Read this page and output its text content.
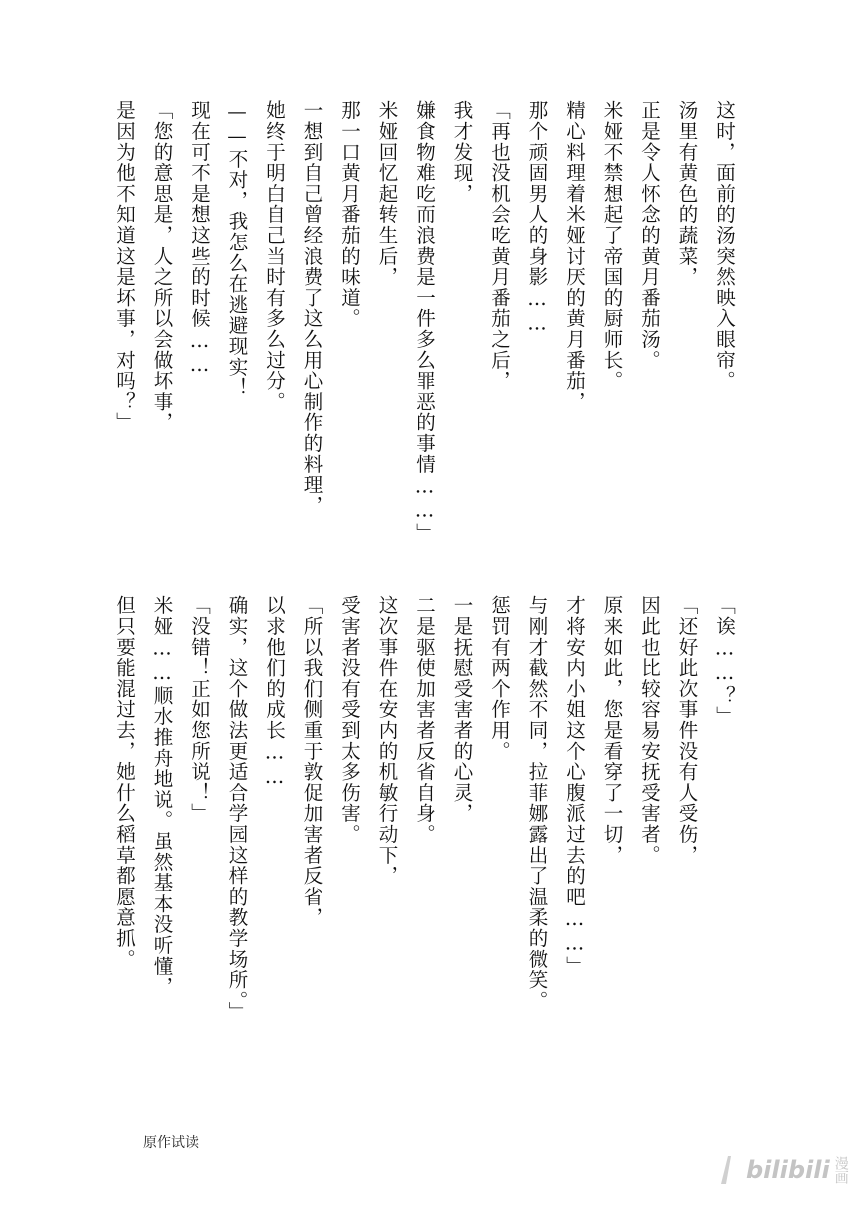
这时，面前的汤突然映入眼帘。
汤里有黄色的蔬菜，
正是令人怀念的黄月番茄汤。
米娅不禁想起了帝国的厨师长。
精心料理着米娅讨厌的黄月番茄，
那个顽固男人的身影……
「再也没机会吃黄月番茄之后，
我才发现，
嫌食物难吃而浪费是一件多么罪恶的事情……」
米娅回忆起转生后，
那一口黄月番茄的味道。
一想到自己曾经浪费了这么用心制作的料理，
她终于明白自己当时有多么过分。
——不对，我怎么在逃避现实！
现在可不是想这些的时候……
「您的意思是，人之所以会做坏事，
是因为他不知道这是坏事，对吗？」
「诶……？」
「还好此次事件没有人受伤，
因此也比较容易安抚受害者。
原来如此，您是看穿了一切，
才将安内小姐这个心腹派过去的吧……」
与刚才截然不同，拉菲娜露出了温柔的微笑。
惩罚有两个作用。
一是抚慰受害者的心灵，
二是驱使加害者反省自身。
这次事件在安内的机敏行动下，
受害者没有受到太多伤害。
「所以我们侧重于敦促加害者反省，
以求他们的成长……
确实，这个做法更适合学园这样的教学场所。」
「没错！正如您所说！」
米娅……顺水推舟地说。虽然基本没听懂，
但只要能混过去，她什么稻草都愿意抓。
原作试读
bilibili 漫画
